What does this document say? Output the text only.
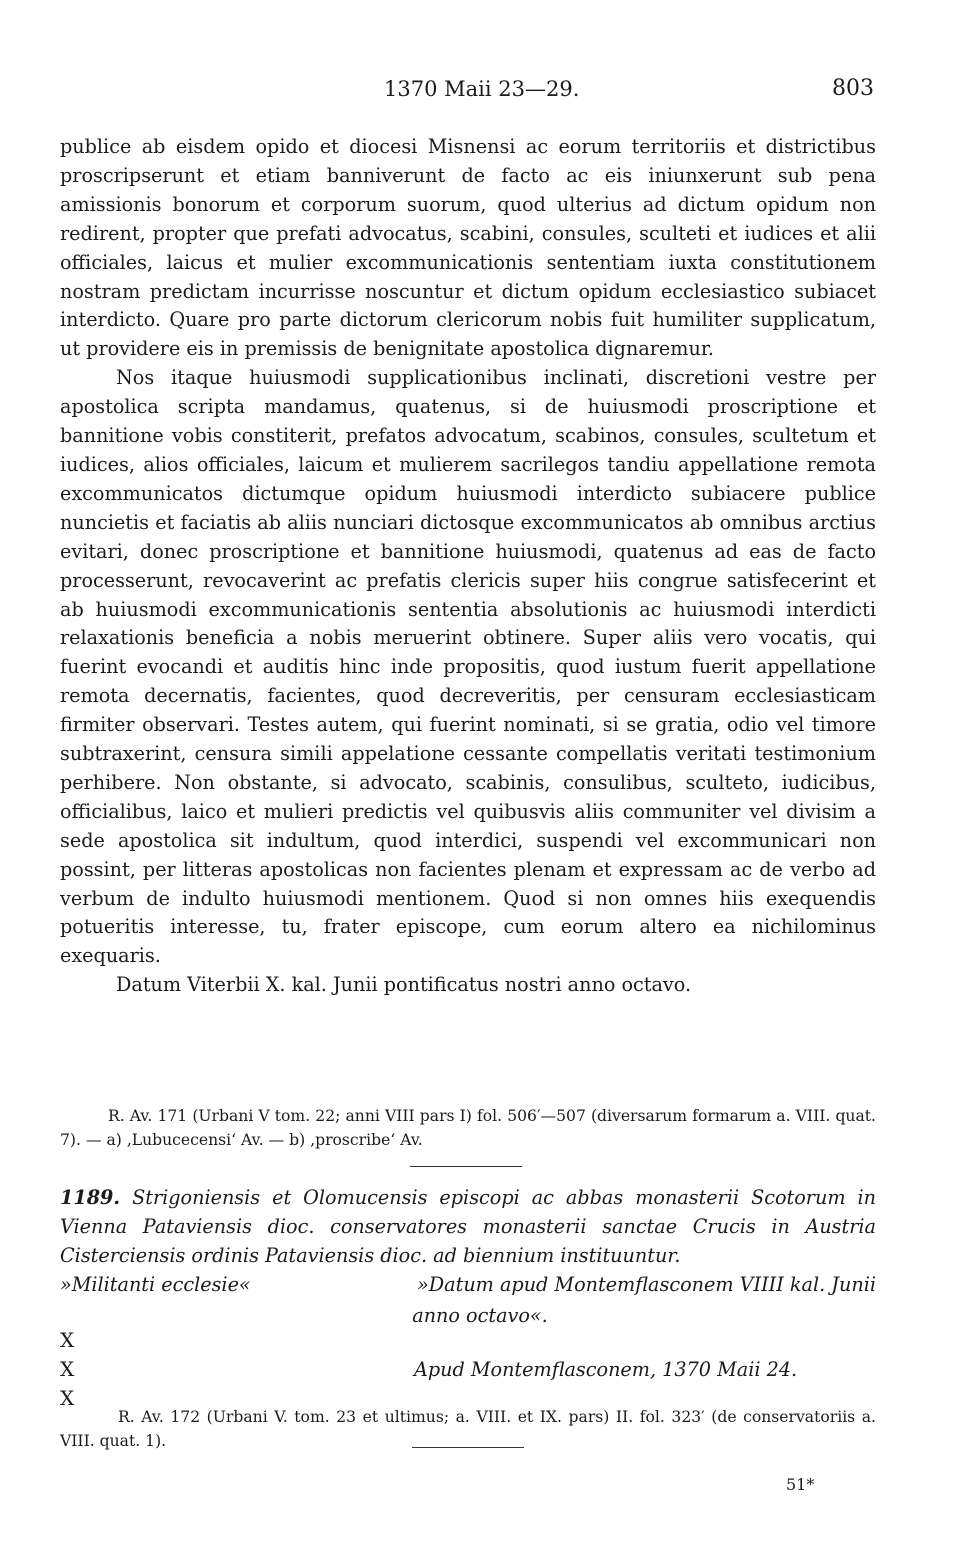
1370 Maii 23—29.	803

publice ab eisdem opido et diocesi Misnensi ac eorum territoriis et districtibus proscripserunt et etiam banniverunt de facto ac eis iniunxerunt sub pena amissionis bonorum et corporum suorum, quod ulterius ad dictum opidum non redirent, propter que prefati advocatus, scabini, consules, sculteti et iudices et alii officiales, laicus et mulier excommunicationis sententiam iuxta constitutionem nostram predictam incurrisse noscuntur et dictum opidum ecclesiastico subiacet interdicto. Quare pro parte dictorum clericorum nobis fuit humiliter supplicatum, ut providere eis in premissis de benignitate apostolica dignaremur.

Nos itaque huiusmodi supplicationibus inclinati, discretioni vestre per apostolica scripta mandamus, quatenus, si de huiusmodi proscriptione et bannitione vobis constiterit, prefatos advocatum, scabinos, consules, scultetum et iudices, alios officiales, laicum et mulierem sacrilegos tandiu appellatione remota excommunicatos dictumque opidum huiusmodi interdicto subiacere publice nuncietis et faciatis ab aliis nunciari dictosque excommunicatos ab omnibus arctius evitari, donec proscriptione et bannitione huiusmodi, quatenus ad eas de facto processerunt, revocaverint ac prefatis clericis super hiis congrue satisfecerint et ab huiusmodi excommunicationis sententia absolutionis ac huiusmodi interdicti relaxationis beneficia a nobis meruerint obtinere. Super aliis vero vocatis, qui fuerint evocandi et auditis hinc inde propositis, quod iustum fuerit appellatione remota decernatis, facientes, quod decreveritis, per censuram ecclesiasticam firmiter observari. Testes autem, qui fuerint nominati, si se gratia, odio vel timore subtraxerint, censura simili appelatione cessante compellatis veritati testimonium perhibere. Non obstante, si advocato, scabinis, consulibus, sculteto, iudicibus, officialibus, laico et mulieri predictis vel quibusvis aliis communiter vel divisim a sede apostolica sit indultum, quod interdici, suspendi vel excommunicari non possint, per litteras apostolicas non facientes plenam et expressam ac de verbo ad verbum de indulto huiusmodi mentionem. Quod si non omnes hiis exequendis potueritis interesse, tu, frater episcope, cum eorum altero ea nichilominus exequaris.

Datum Viterbii X. kal. Junii pontificatus nostri anno octavo.

R. Av. 171 (Urbani V tom. 22; anni VIII pars I) fol. 506′—507 (diversarum formarum a. VIII. quat. 7). — a) ‚Lubucecensi‘ Av. — b) ‚proscribe‘ Av.
1189. Strigoniensis et Olomucensis episcopi ac abbas monasterii Scotorum in Vienna Pataviensis dioc. conservatores monasterii sanctae Crucis in Austria Cisterciensis ordinis Pataviensis dioc. ad biennium instituuntur.
»Militanti ecclesie«	»Datum apud Montemflasconem VIIII kal. Junii
anno octavo«.
X
X
X
Apud Montemflasconem, 1370 Maii 24.
R. Av. 172 (Urbani V. tom. 23 et ultimus; a. VIII. et IX. pars) II. fol. 323′ (de conservatoriis a. VIII. quat. 1).
51*
